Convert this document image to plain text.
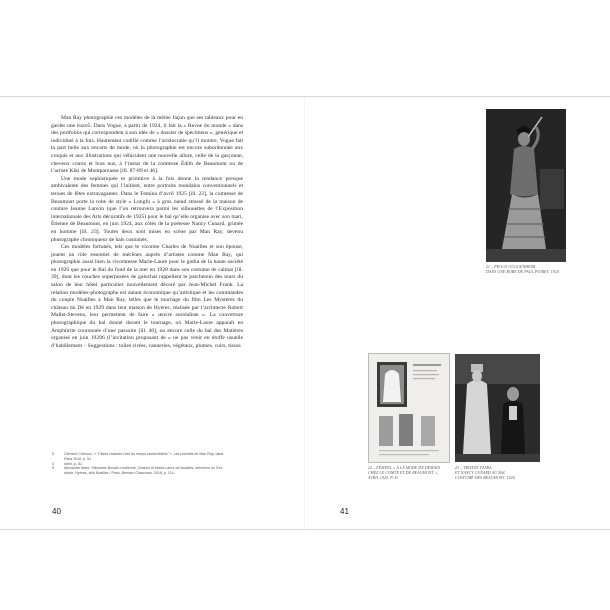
Man Ray photographie ces modèles de la même façon que ses tableaux pour en garder une trace5. Dans Vogue, à partir de 1924, il fait la « Revue du monde » dans des portfolios qui correspondent à son idée de « dossier de spécimens », générique et individuel à la fois. Hautement codifié comme l’aristocratie qu’il montre, Vogue fait la part belle aux encarts de mode, où la photographie est encore subordonnée aux croquis et aux illustrations qui véhiculent une nouvelle allure, celle de la garçonne, cheveux courts et bras nus, à l’instar de la comtesse Édith de Beaumont ou de l’artiste Kiki de Montparnasse [ill. 87-89 et 46].

Une mode sophistiquée et primitive à la fois donne la tendance presque ambivalente des femmes qui l’initient, entre portraits mondains conventionnels et tenues de fêtes extravagantes. Dans le Femina d’avril 1925 [ill. 22], la comtesse de Beaumont porte la robe de style « Longfu » à gros nœud strassé de la maison de couture Jeanne Lanvin (que l’on retrouvera parmi les silhouettes de l’Exposition internationale des Arts décoratifs de 1925) pour le bal qu’elle organise avec son mari, Étienne de Beaumont, en juin 1924, aux côtés de la poétesse Nancy Cunard, grimée en homme [ill. 23]. Toutes deux sont mises en scène par Man Ray, devenu photographe chroniqueur de bals costumés.

Ces modèles fortunés, tels que le vicomte Charles de Noailles et son épouse, jouent un rôle essentiel de mécènes auprès d’artistes comme Man Ray, qui photographie aussi bien la vicomtesse Marie-Laure pour le gotha de la haute société en 1926 que pour le Bal du fond de la mer en 1928 dans son costume de calmar [ill. 39], dont les couches superposées de galuchat rappellent le parchemin des murs du salon de leur hôtel particulier nouvellement décoré par Jean-Michel Frank. La relation modèles-photographe est autant économique qu’artistique et les commandes du couple Noailles à Man Ray, telles que le tournage du film Les Mystères du château du Dé en 1929 dans leur maison de Hyères, réalisée par l’architecte Robert Mallet-Stevens, leur permettent de faire « œuvre surréaliste ». La couverture photographique du bal donné durant le tournage, où Marie-Laure apparaît en Amphitrite couronnée d’une passoire [ill. 40], ou encore celle du bal des Matières organisé en juin 19296 (l’invitation proposant de « ne pas venir en étoffe usuelle d’habillement – Suggestions : toiles cirées, vanneries, végétaux, plumes, cuirs, tissus

5	Clément Chéroux, « “Cibles vivantes hors du temps rassemblées” », Les portraits de Man Ray, dans Paris 2010, p. 51.
4	Idem, p. 51.
5	Alexandre Mare, Stéphane Boudin-Lestienne, Charles et Marie-Laure de Noailles, mécènes du XXe siècle, Hyères, villa Noailles / Paris, Bernard Chauveau, 2018, p. 114.
40
21 – PEGGY GUGGENHEIM
DANS UNE ROBE DE PAUL POIRET, 1924
22 – FEMINA, « À LA MODE DE DEMAIN
CHEZ LE COMTE ET DE BEAUMONT »,
AVRIL 1925, P. 43
23 – TRISTAN TZARA
ET NANCY CUNARD AU BAL
COSTUMÉ DES BEAUMONT, 1924
41
